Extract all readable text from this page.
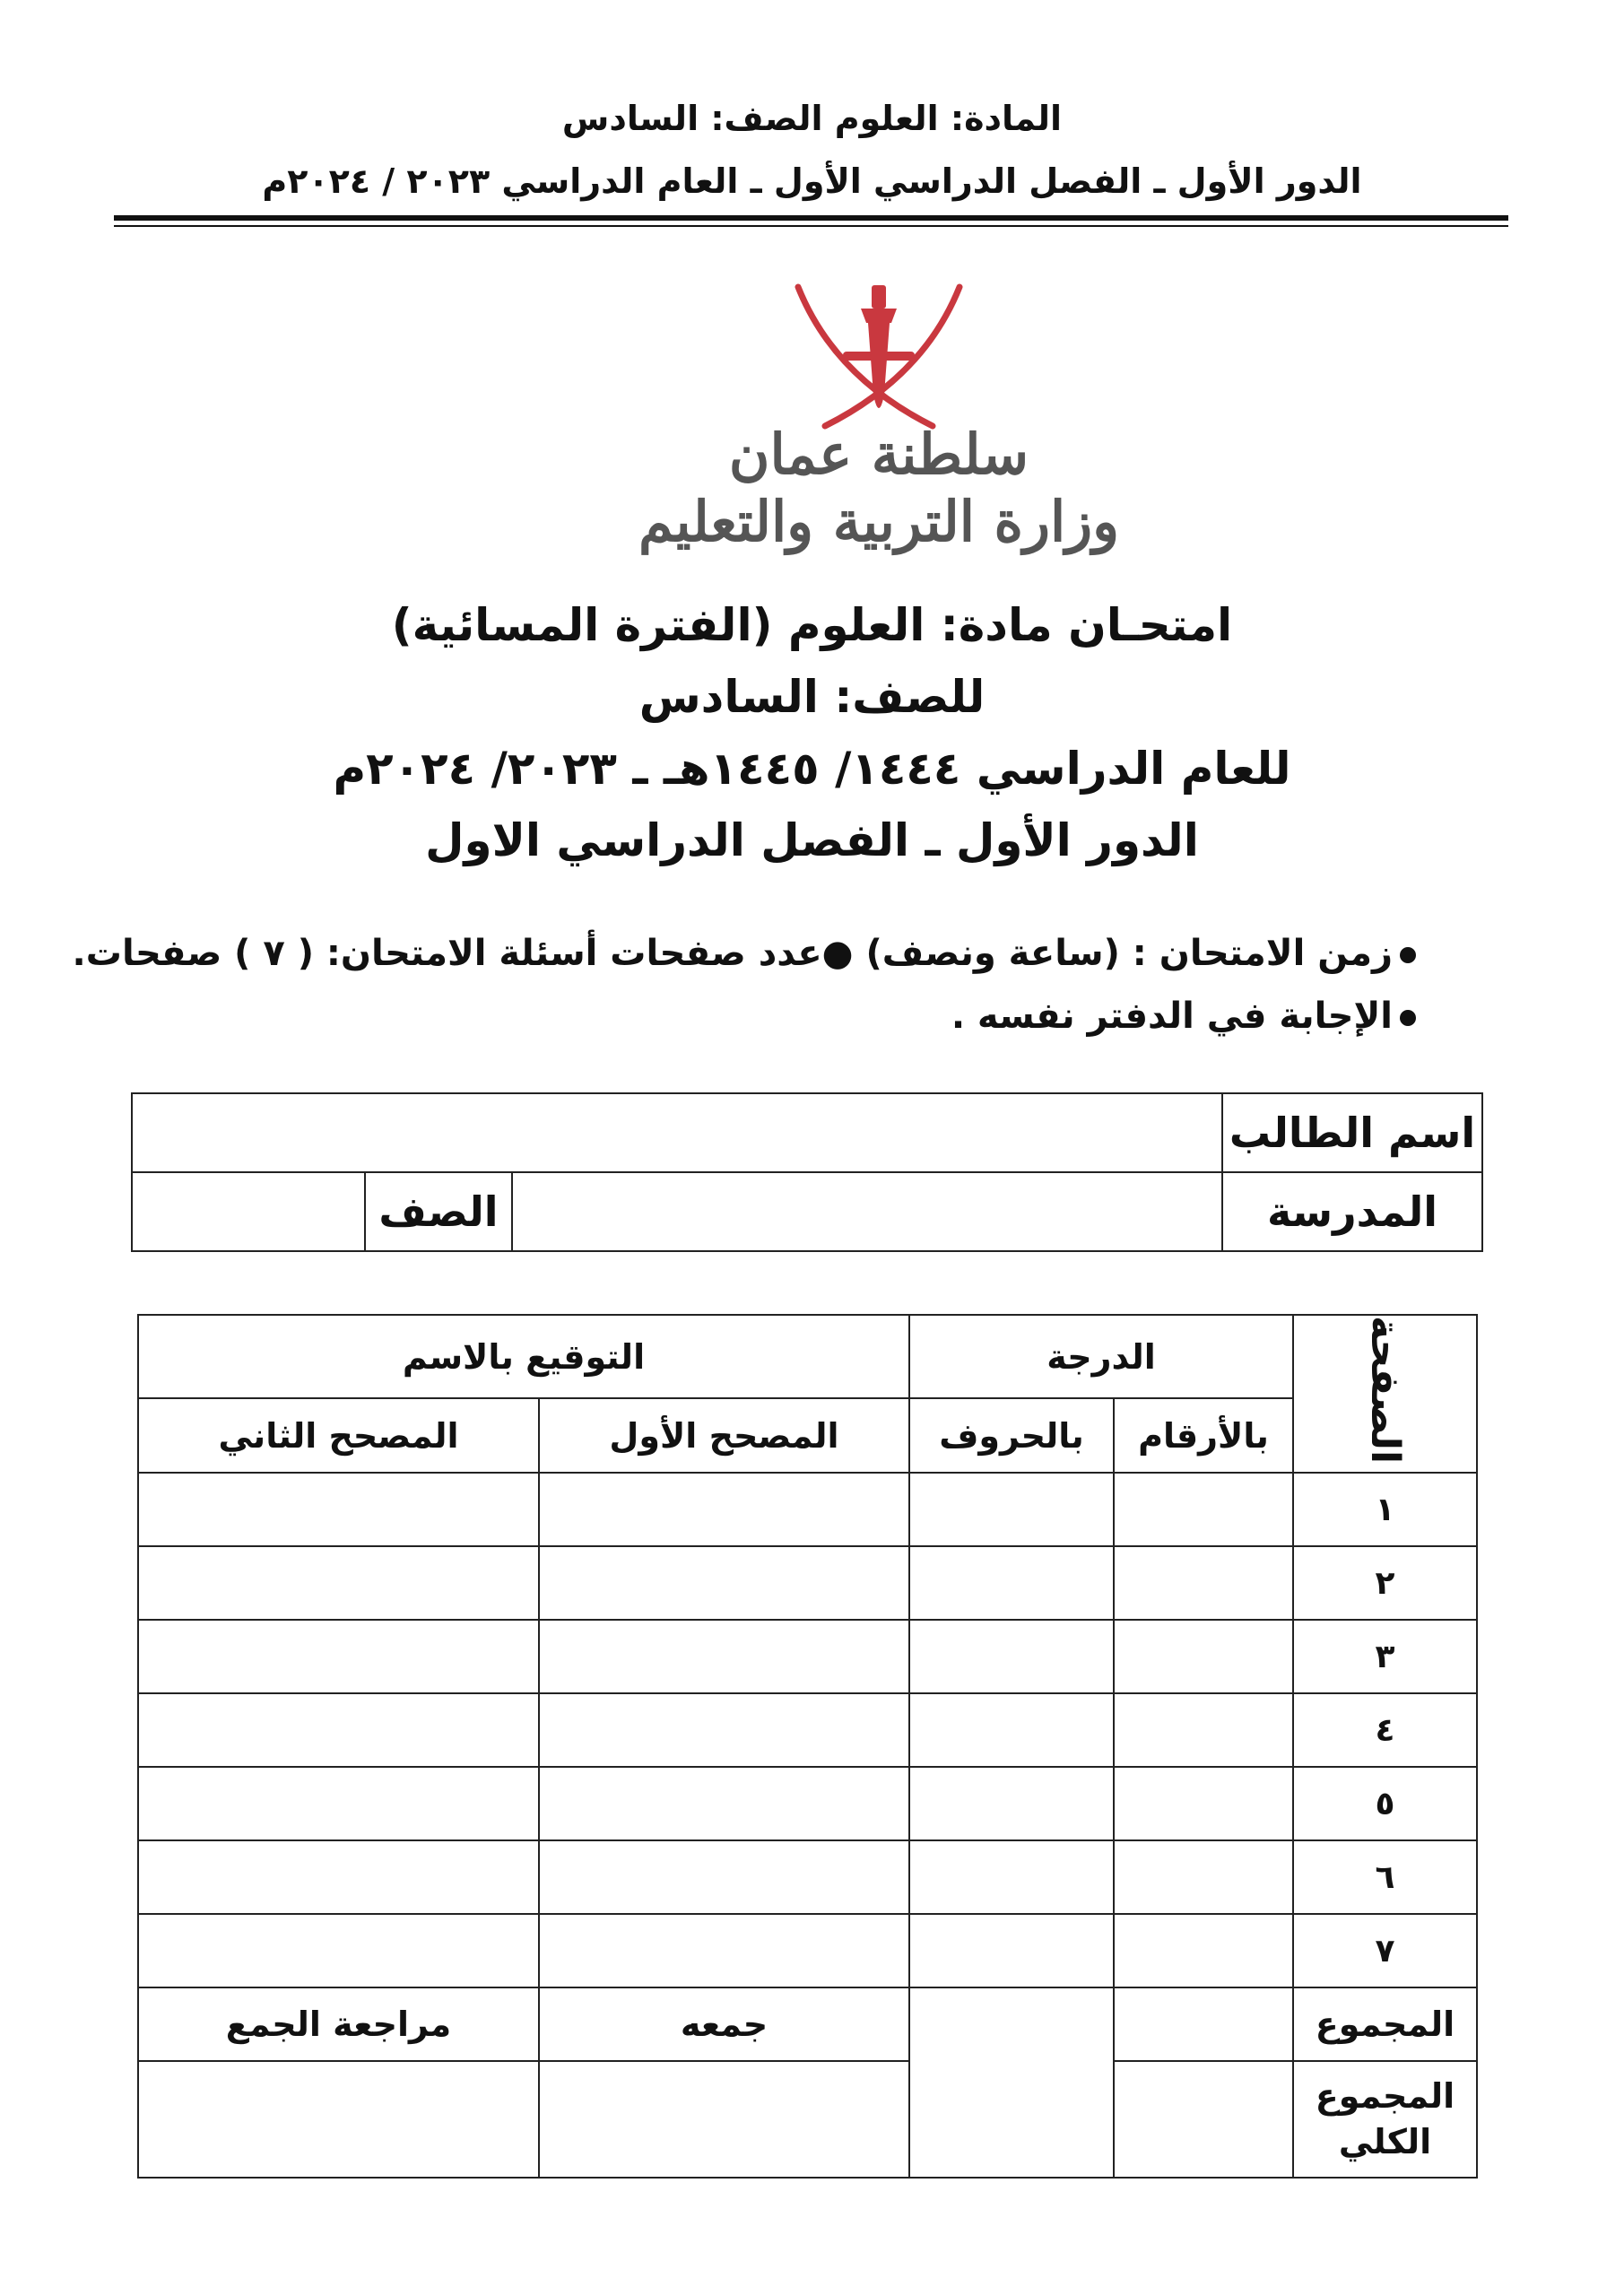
المادة: العلوم الصف: السادس
الدور الأول ـ الفصل الدراسي الأول ـ العام الدراسي ٢٠٢٣ / ٢٠٢٤م
سلطنة عمان
وزارة التربية والتعليم
امتحـان مادة: العلوم (الفترة المسائية)
للصف: السادس
للعام الدراسي ١٤٤٤/ ١٤٤٥هـ ـ ٢٠٢٣/ ٢٠٢٤م
الدور الأول ـ الفصل الدراسي الاول
زمن الامتحان : (ساعة ونصف) ●عدد صفحات أسئلة الامتحان: ( ٧ ) صفحات.
الإجابة في الدفتر نفسه .
اسم الطالب			
المدرسة		الصف	
الصفحة	الدرجة		التوقيع بالاسم	
	بالأرقام	بالحروف	المصحح الأول	المصحح الثاني
١				
٢				
٣				
٤				
٥				
٦				
٧				
المجموع			جمعه	مراجعة الجمع
المجموع
الكلي				
